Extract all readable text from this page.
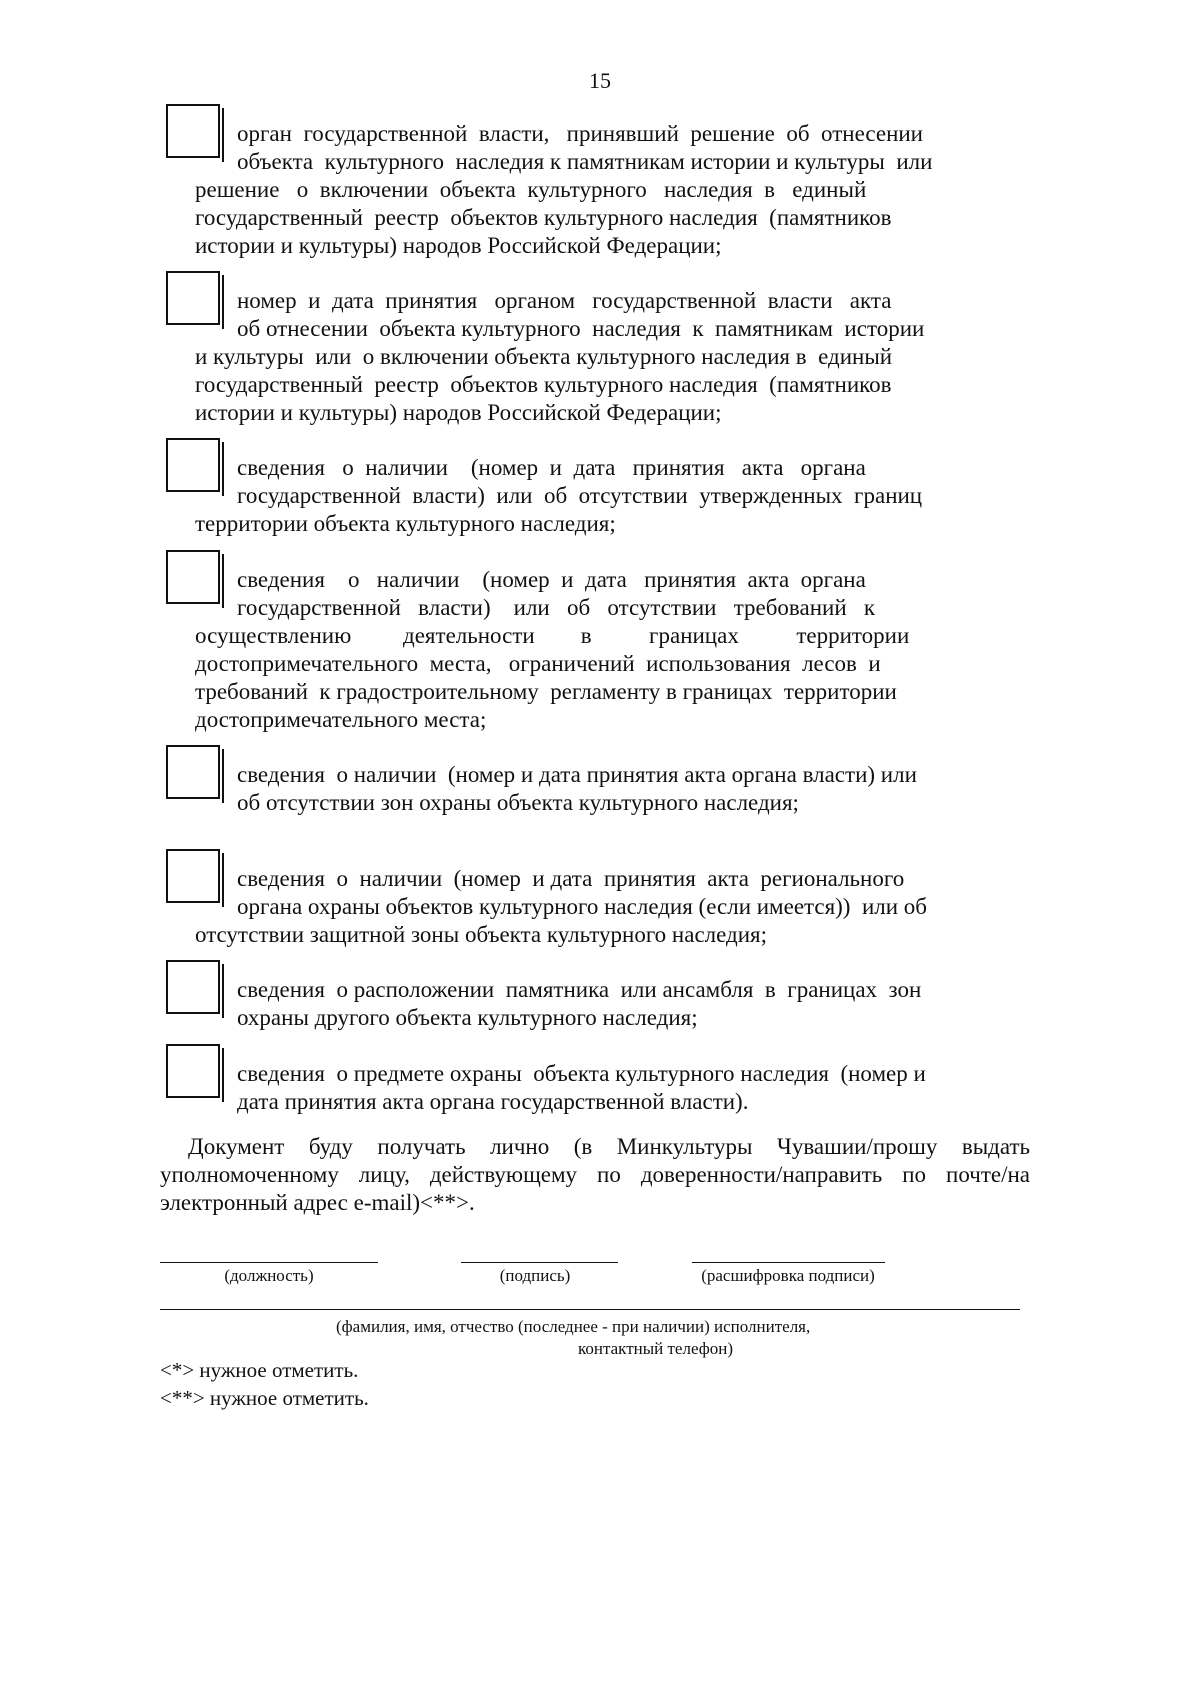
15
орган  государственной  власти,   принявший  решение  об  отнесении
объекта  культурного  наследия к памятникам истории и культуры  или
решение   о  включении  объекта  культурного   наследия  в   единый
государственный  реестр  объектов культурного наследия  (памятников
истории и культуры) народов Российской Федерации;
номер  и  дата  принятия   органом   государственной  власти   акта
об отнесении  объекта культурного  наследия  к  памятникам  истории
и культуры  или  о включении объекта культурного наследия в  единый
государственный  реестр  объектов культурного наследия  (памятников
истории и культуры) народов Российской Федерации;
сведения   о  наличии    (номер  и  дата   принятия   акта   органа
государственной  власти)  или  об  отсутствии  утвержденных  границ
территории объекта культурного наследия;
сведения    о   наличии    (номер  и  дата   принятия  акта  органа
государственной   власти)    или   об   отсутствии   требований   к
осуществлению         деятельности        в          границах          территории
достопримечательного  места,   ограничений  использования  лесов  и
требований  к градостроительному  регламенту в границах  территории
достопримечательного места;
сведения  о наличии  (номер и дата принятия акта органа власти) или
об отсутствии зон охраны объекта культурного наследия;
сведения  о  наличии  (номер  и дата  принятия  акта  регионального
органа охраны объектов культурного наследия (если имеется))  или об
отсутствии защитной зоны объекта культурного наследия;
сведения  о расположении  памятника  или ансамбля  в  границах  зон
охраны другого объекта культурного наследия;
сведения  о предмете охраны  объекта культурного наследия  (номер и
дата принятия акта органа государственной власти).
Документ буду получать лично (в Минкультуры Чувашии/прошу выдать уполномоченному лицу, действующему по доверенности/направить по почте/на электронный адрес e-mail)<**>.
(должность)	(подпись)	(расшифровка подписи)
(фамилия, имя, отчество (последнее - при наличии) исполнителя,
контактный телефон)
<*> нужное отметить.
<**> нужное отметить.
